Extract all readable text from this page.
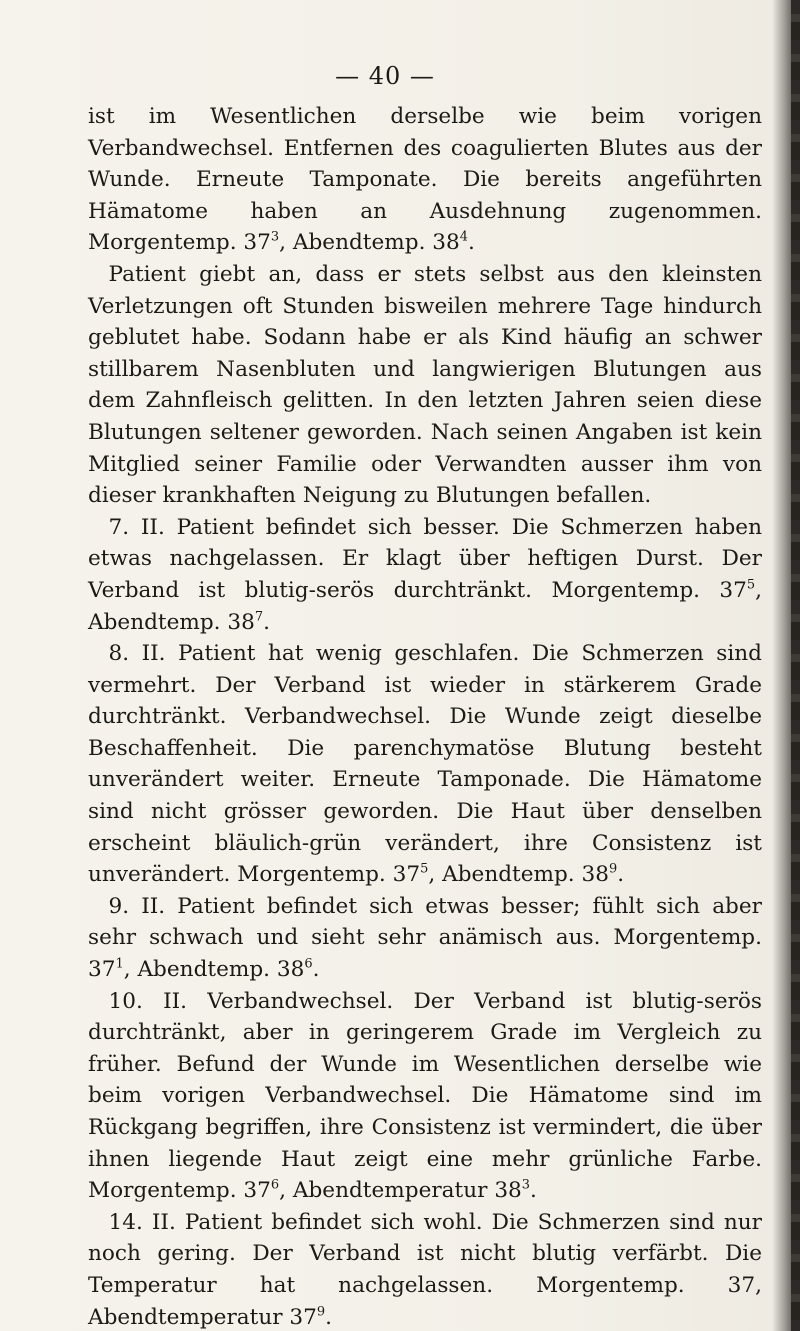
— 40 —

ist im Wesentlichen derselbe wie beim vorigen Verbandwechsel. Entfernen des coagulierten Blutes aus der Wunde. Erneute Tamponate. Die bereits angeführten Hämatome haben an Ausdehnung zugenommen. Morgentemp. $37^3$, Abendtemp. $38^4$.

Patient giebt an, dass er stets selbst aus den kleinsten Verletzungen oft Stunden bisweilen mehrere Tage hindurch geblutet habe. Sodann habe er als Kind häufig an schwer stillbarem Nasenbluten und langwierigen Blutungen aus dem Zahnfleisch gelitten. In den letzten Jahren seien diese Blutungen seltener geworden. Nach seinen Angaben ist kein Mitglied seiner Familie oder Verwandten ausser ihm von dieser krankhaften Neigung zu Blutungen befallen.

7. II. Patient befindet sich besser. Die Schmerzen haben etwas nachgelassen. Er klagt über heftigen Durst. Der Verband ist blutig-serös durchtränkt. Morgentemp. $37^5$, Abendtemp. $38^7$.

8. II. Patient hat wenig geschlafen. Die Schmerzen sind vermehrt. Der Verband ist wieder in stärkerem Grade durchtränkt. Verbandwechsel. Die Wunde zeigt dieselbe Beschaffenheit. Die parenchymatöse Blutung besteht unverändert weiter. Erneute Tamponade. Die Hämatome sind nicht grösser geworden. Die Haut über denselben erscheint bläulich-grün verändert, ihre Consistenz ist unverändert. Morgentemp. $37^5$, Abendtemp. $38^9$.

9. II. Patient befindet sich etwas besser; fühlt sich aber sehr schwach und sieht sehr anämisch aus. Morgentemp. $37^1$, Abendtemp. $38^6$.

10. II. Verbandwechsel. Der Verband ist blutig-serös durchtränkt, aber in geringerem Grade im Vergleich zu früher. Befund der Wunde im Wesentlichen derselbe wie beim vorigen Verbandwechsel. Die Hämatome sind im Rückgang begriffen, ihre Consistenz ist vermindert, die über ihnen liegende Haut zeigt eine mehr grünliche Farbe. Morgentemp. $37^6$, Abendtemperatur $38^3$.

14. II. Patient befindet sich wohl. Die Schmerzen sind nur noch gering. Der Verband ist nicht blutig verfärbt. Die Temperatur hat nachgelassen. Morgentemp. 37, Abendtemperatur $37^9$.
